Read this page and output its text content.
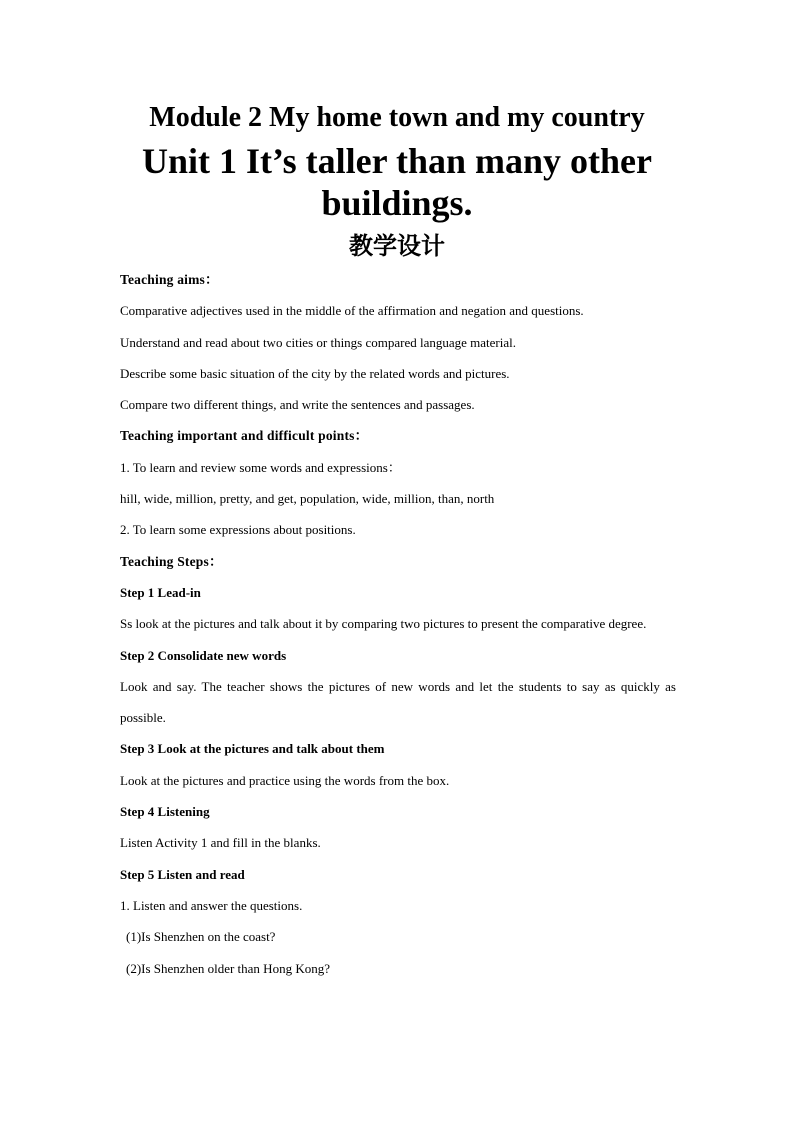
Module 2 My home town and my country

Unit 1 It’s taller than many other buildings.

教学设计

Teaching aims：

Comparative adjectives used in the middle of the affirmation and negation and questions.

Understand and read about two cities or things compared language material.

Describe some basic situation of the city by the related words and pictures.

Compare two different things, and write the sentences and passages.

Teaching important and difficult points：

1. To learn and review some words and expressions：

hill, wide, million, pretty, and get, population, wide, million, than, north

2. To learn some expressions about positions.

Teaching Steps：

Step 1 Lead-in

Ss look at the pictures and talk about it by comparing two pictures to present the comparative degree.

Step 2 Consolidate new words

Look and say. The teacher shows the pictures of new words and let the students to say as quickly as possible.

Step 3 Look at the pictures and talk about them

Look at the pictures and practice using the words from the box.

Step 4 Listening

Listen Activity 1 and fill in the blanks.

Step 5 Listen and read

1. Listen and answer the questions.

(1)Is Shenzhen on the coast?

(2)Is Shenzhen older than Hong Kong?
